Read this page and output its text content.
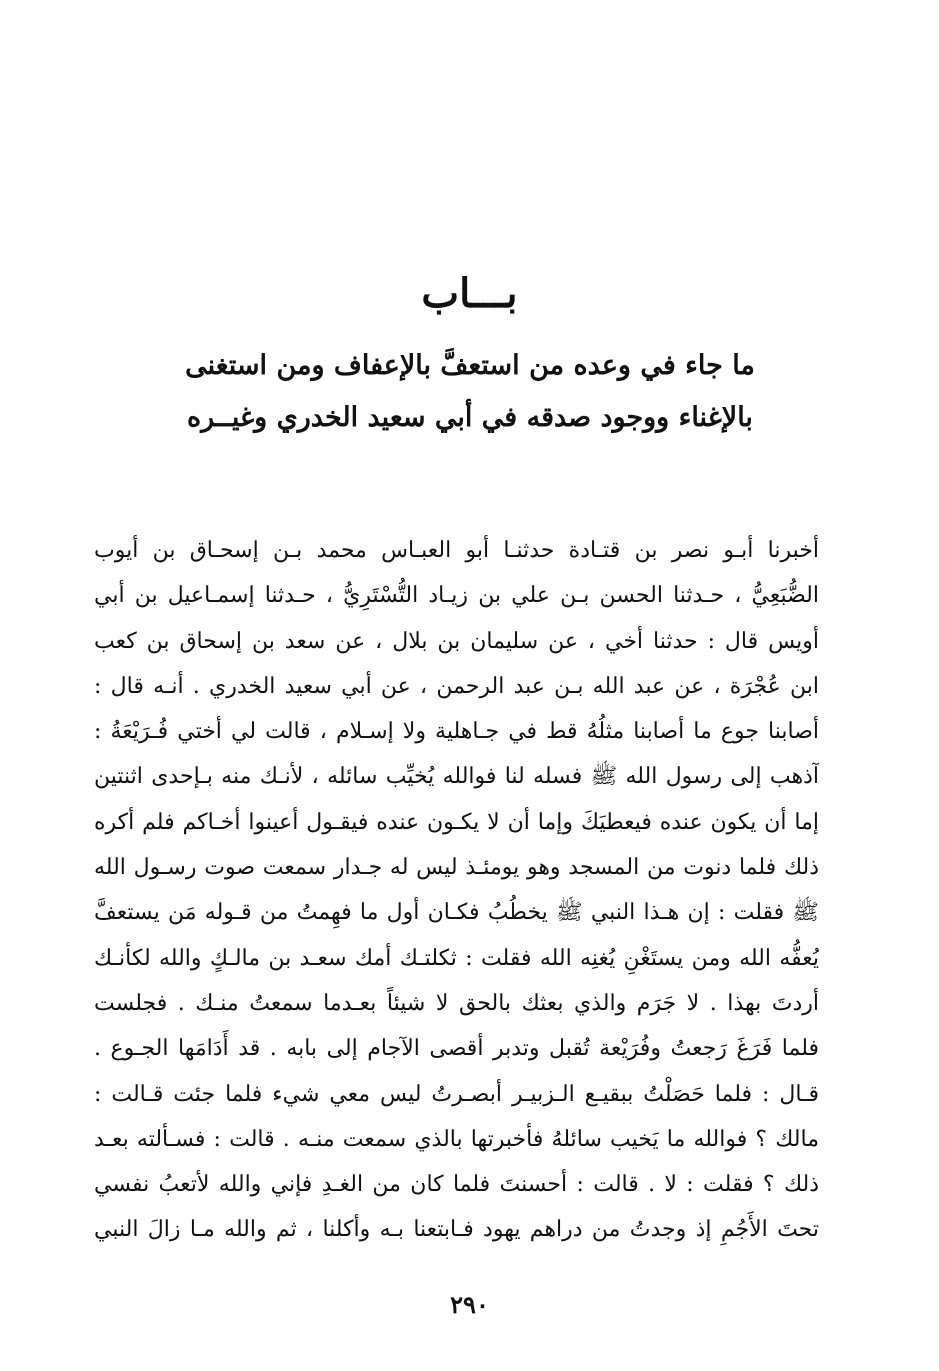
بـــاب
ما جاء في وعده من استعفَّ بالإعفاف ومن استغنى
بالإغناء ووجود صدقه في أبي سعيد الخدري وغيــره
أخبرنا أبـو نصر بن قتـادة حدثنـا أبو العبـاس محمد بـن إسحـاق بن أيوب
الضُّبَعِيُّ ، حـدثنا الحسن بـن علي بن زيـاد التُّسْتَرِيُّ ، حـدثنا إسمـاعيل بن أبي
أويس قال : حدثنا أخي ، عن سليمان بن بلال ، عن سعد بن إسحاق بن كعب
ابن عُجْرَة ، عن عبد الله بـن عبد الرحمن ، عن أبي سعيد الخدري . أنـه قال :
أصابنا جوع ما أصابنا مثلُهُ قط في جـاهلية ولا إسـلام ، قالت لي أختي فُـرَيْعَةُ :
آذهب إلى رسول الله ﷺ فسله لنا فوالله يُخيِّب سائله ، لأنـك منه بـإحدى اثنتين
إما أن يكون عنده فيعطيَكَ وإما أن لا يكـون عنده فيقـول أعينوا أخـاكم فلم أكره
ذلك فلما دنوت من المسجد وهو يومئـذ ليس له جـدار سمعت صوت رسـول الله
ﷺ فقلت : إن هـذا النبي ﷺ يخطُبُ فكـان أول ما فهِمتُ من قـوله مَن يستعفَّ
يُعفُّه الله ومن يستَغْنِ يُغنِه الله فقلت : ثكلتـك أمك سعـد بن مالـكٍ والله لكأنـك
أردتَ بهذا . لا جَرَم والذي بعثك بالحق لا شيئاً بعـدما سمعتُ منـك . فجلست
فلما فَرَغَ رَجعتُ وفُرَيْعة تُقبل وتدبر أقصى الآجام إلى بابه . قد أَدَامَها الجـوع .
قـال : فلما حَصَلْتُ ببقيـع الـزبيـر أبصـرتُ ليس معي شيء فلما جئت قـالت :
مالك ؟ فوالله ما يَخيب سائلهُ فأخبرتها بالذي سمعت منـه . قالت : فسـألته بعـد
ذلك ؟ فقلت : لا . قالت : أحسنتَ فلما كان من الغـدِ فإني والله لأتعبُ نفسي
تحتَ الأَجُمِ إذ وجدتُ من دراهم يهود فـابتعنا بـه وأكلنا ، ثم والله مـا زالَ النبي
٢٩٠
